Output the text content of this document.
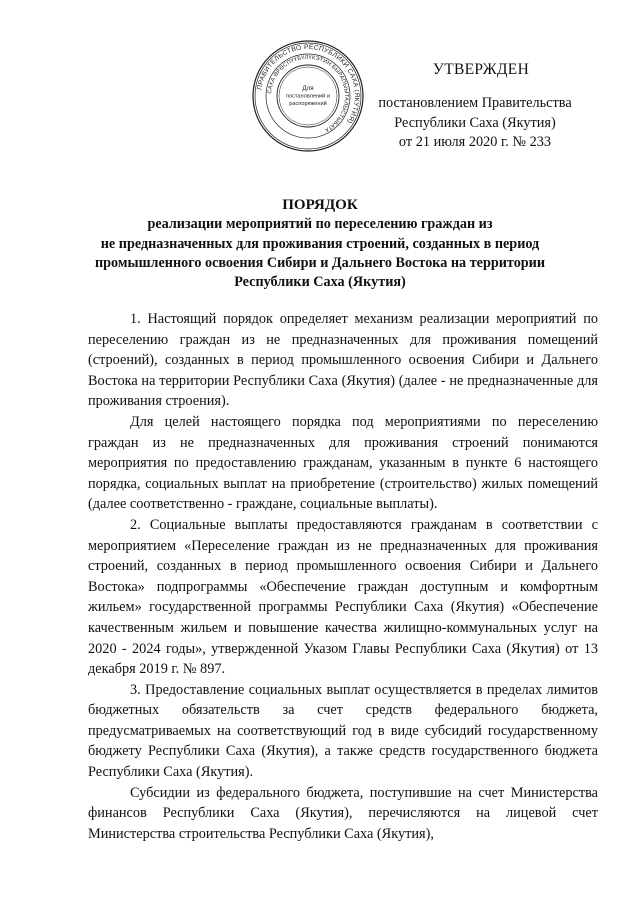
ПРАВИТЕЛЬСТВО РЕСПУБЛИКИ САХА (ЯКУТИЯ)
САХА ӨРӨСПҮҮБҮЛҮКЭТИН БЫРАПЫЫТАЛЫСТЫБАТА
Для
постановлений и
распоряжений
УТВЕРЖДЕН
постановлением Правительства
Республики Саха (Якутия)
от 21 июля 2020 г. № 233
ПОРЯДОК
реализации мероприятий по переселению граждан из
не предназначенных для проживания строений, созданных в период
промышленного освоения Сибири и Дальнего Востока на территории
Республики Саха (Якутия)

1. Настоящий порядок определяет механизм реализации мероприятий по переселению граждан из не предназначенных для проживания помещений (строений), созданных в период промышленного освоения Сибири и Дальнего Востока на территории Республики Саха (Якутия) (далее - не предназначенные для проживания строения).

Для целей настоящего порядка под мероприятиями по переселению граждан из не предназначенных для проживания строений понимаются мероприятия по предоставлению гражданам, указанным в пункте 6 настоящего порядка, социальных выплат на приобретение (строительство) жилых помещений (далее соответственно - граждане, социальные выплаты).

2. Социальные выплаты предоставляются гражданам в соответствии с мероприятием «Переселение граждан из не предназначенных для проживания строений, созданных в период промышленного освоения Сибири и Дальнего Востока» подпрограммы «Обеспечение граждан доступным и комфортным жильем» государственной программы Республики Саха (Якутия) «Обеспечение качественным жильем и повышение качества жилищно-коммунальных услуг на 2020 - 2024 годы», утвержденной Указом Главы Республики Саха (Якутия) от 13 декабря 2019 г. № 897.

3. Предоставление социальных выплат осуществляется в пределах лимитов бюджетных обязательств за счет средств федерального бюджета, предусматриваемых на соответствующий год в виде субсидий государственному бюджету Республики Саха (Якутия), а также средств государственного бюджета Республики Саха (Якутия).

Субсидии из федерального бюджета, поступившие на счет Министерства финансов Республики Саха (Якутия), перечисляются на лицевой счет Министерства строительства Республики Саха (Якутия),
